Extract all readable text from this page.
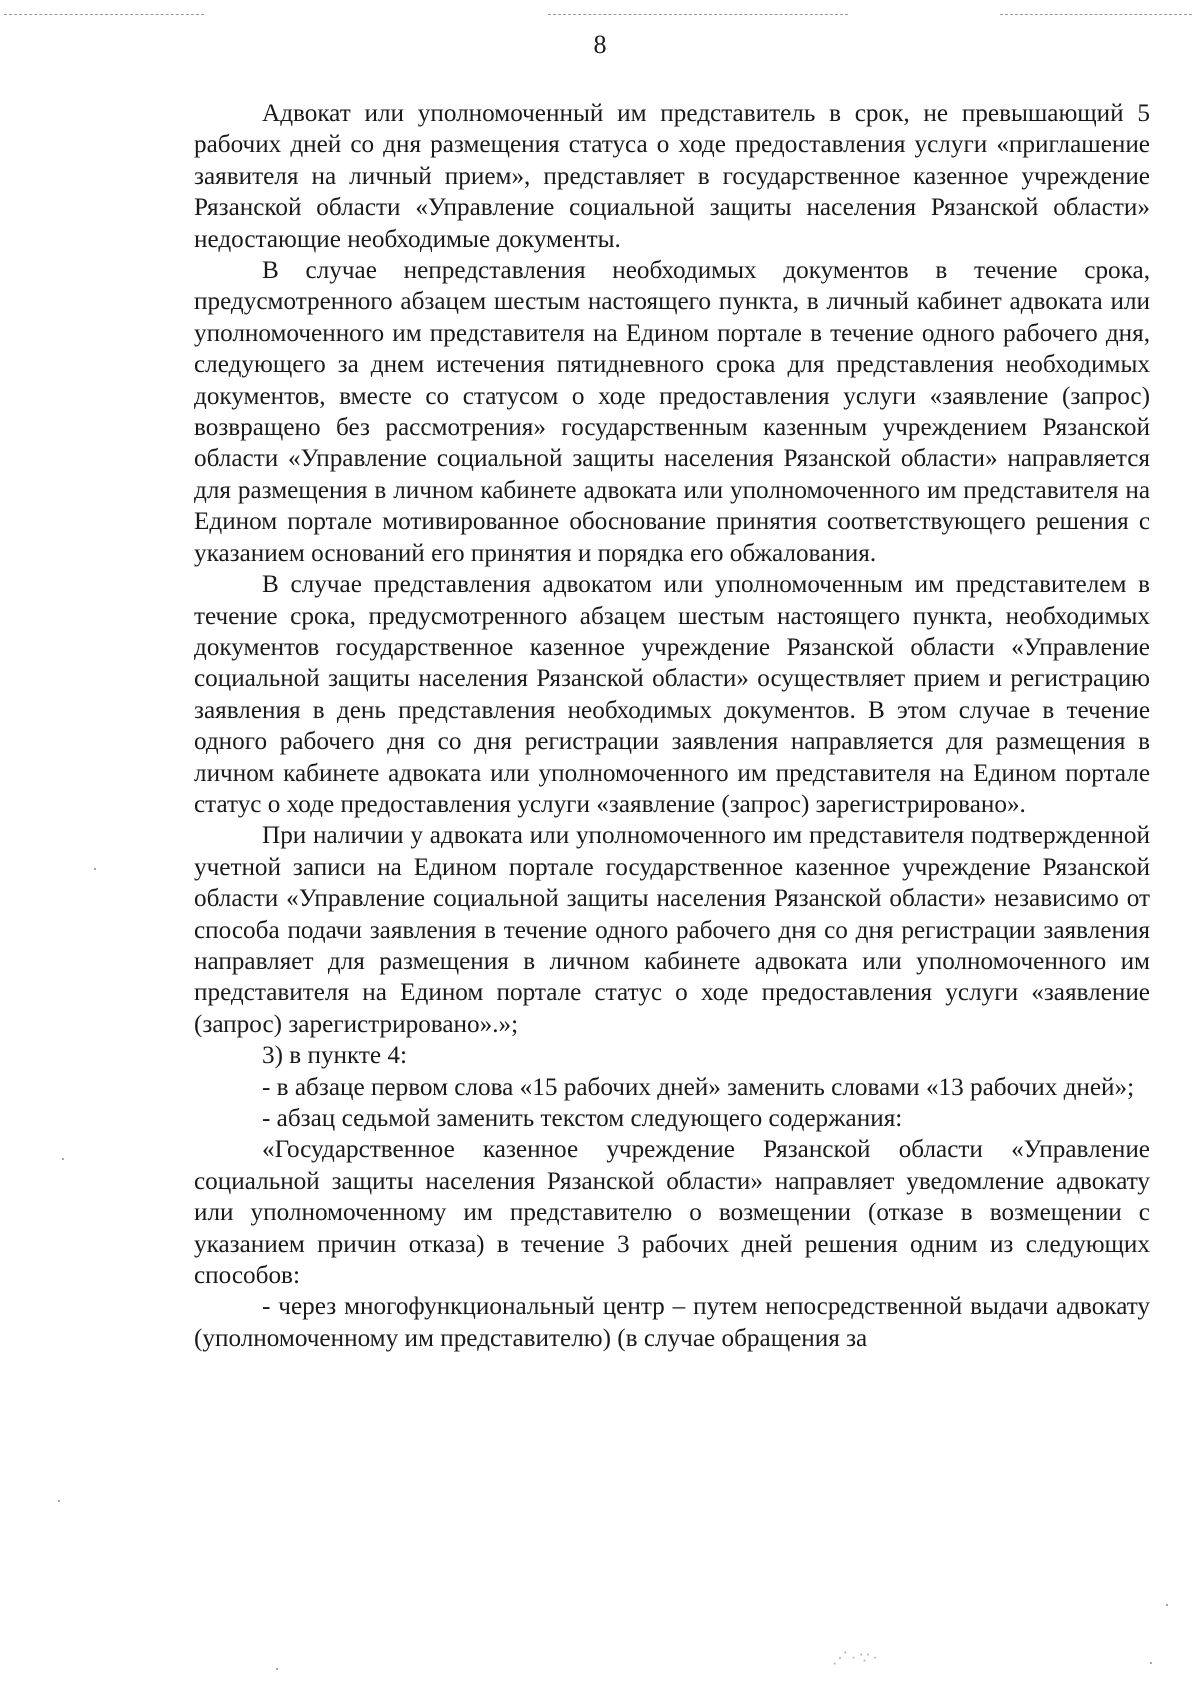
8

Адвокат или уполномоченный им представитель в срок, не превышающий 5 рабочих дней со дня размещения статуса о ходе предоставления услуги «приглашение заявителя на личный прием», представляет в государственное казенное учреждение Рязанской области «Управление социальной защиты населения Рязанской области» недостающие необходимые документы.

В случае непредставления необходимых документов в течение срока, предусмотренного абзацем шестым настоящего пункта, в личный кабинет адвоката или уполномоченного им представителя на Едином портале в течение одного рабочего дня, следующего за днем истечения пятидневного срока для представления необходимых документов, вместе со статусом о ходе предоставления услуги «заявление (запрос) возвращено без рассмотрения» государственным казенным учреждением Рязанской области «Управление социальной защиты населения Рязанской области» направляется для размещения в личном кабинете адвоката или уполномоченного им представителя на Едином портале мотивированное обоснование принятия соответствующего решения с указанием оснований его принятия и порядка его обжалования.

В случае представления адвокатом или уполномоченным им представителем в течение срока, предусмотренного абзацем шестым настоящего пункта, необходимых документов государственное казенное учреждение Рязанской области «Управление социальной защиты населения Рязанской области» осуществляет прием и регистрацию заявления в день представления необходимых документов. В этом случае в течение одного рабочего дня со дня регистрации заявления направляется для размещения в личном кабинете адвоката или уполномоченного им представителя на Едином портале статус о ходе предоставления услуги «заявление (запрос) зарегистрировано».

При наличии у адвоката или уполномоченного им представителя подтвержденной учетной записи на Едином портале государственное казенное учреждение Рязанской области «Управление социальной защиты населения Рязанской области» независимо от способа подачи заявления в течение одного рабочего дня со дня регистрации заявления направляет для размещения в личном кабинете адвоката или уполномоченного им представителя на Едином портале статус о ходе предоставления услуги «заявление (запрос) зарегистрировано».»;

3) в пункте 4:

- в абзаце первом слова «15 рабочих дней» заменить словами «13 рабочих дней»;

- абзац седьмой заменить текстом следующего содержания:

«Государственное казенное учреждение Рязанской области «Управление социальной защиты населения Рязанской области» направляет уведомление адвокату или уполномоченному им представителю о возмещении (отказе в возмещении с указанием причин отказа) в течение 3 рабочих дней решения одним из следующих способов:

- через многофункциональный центр – путем непосредственной выдачи адвокату (уполномоченному им представителю) (в случае обращения за

⋰·∵·
